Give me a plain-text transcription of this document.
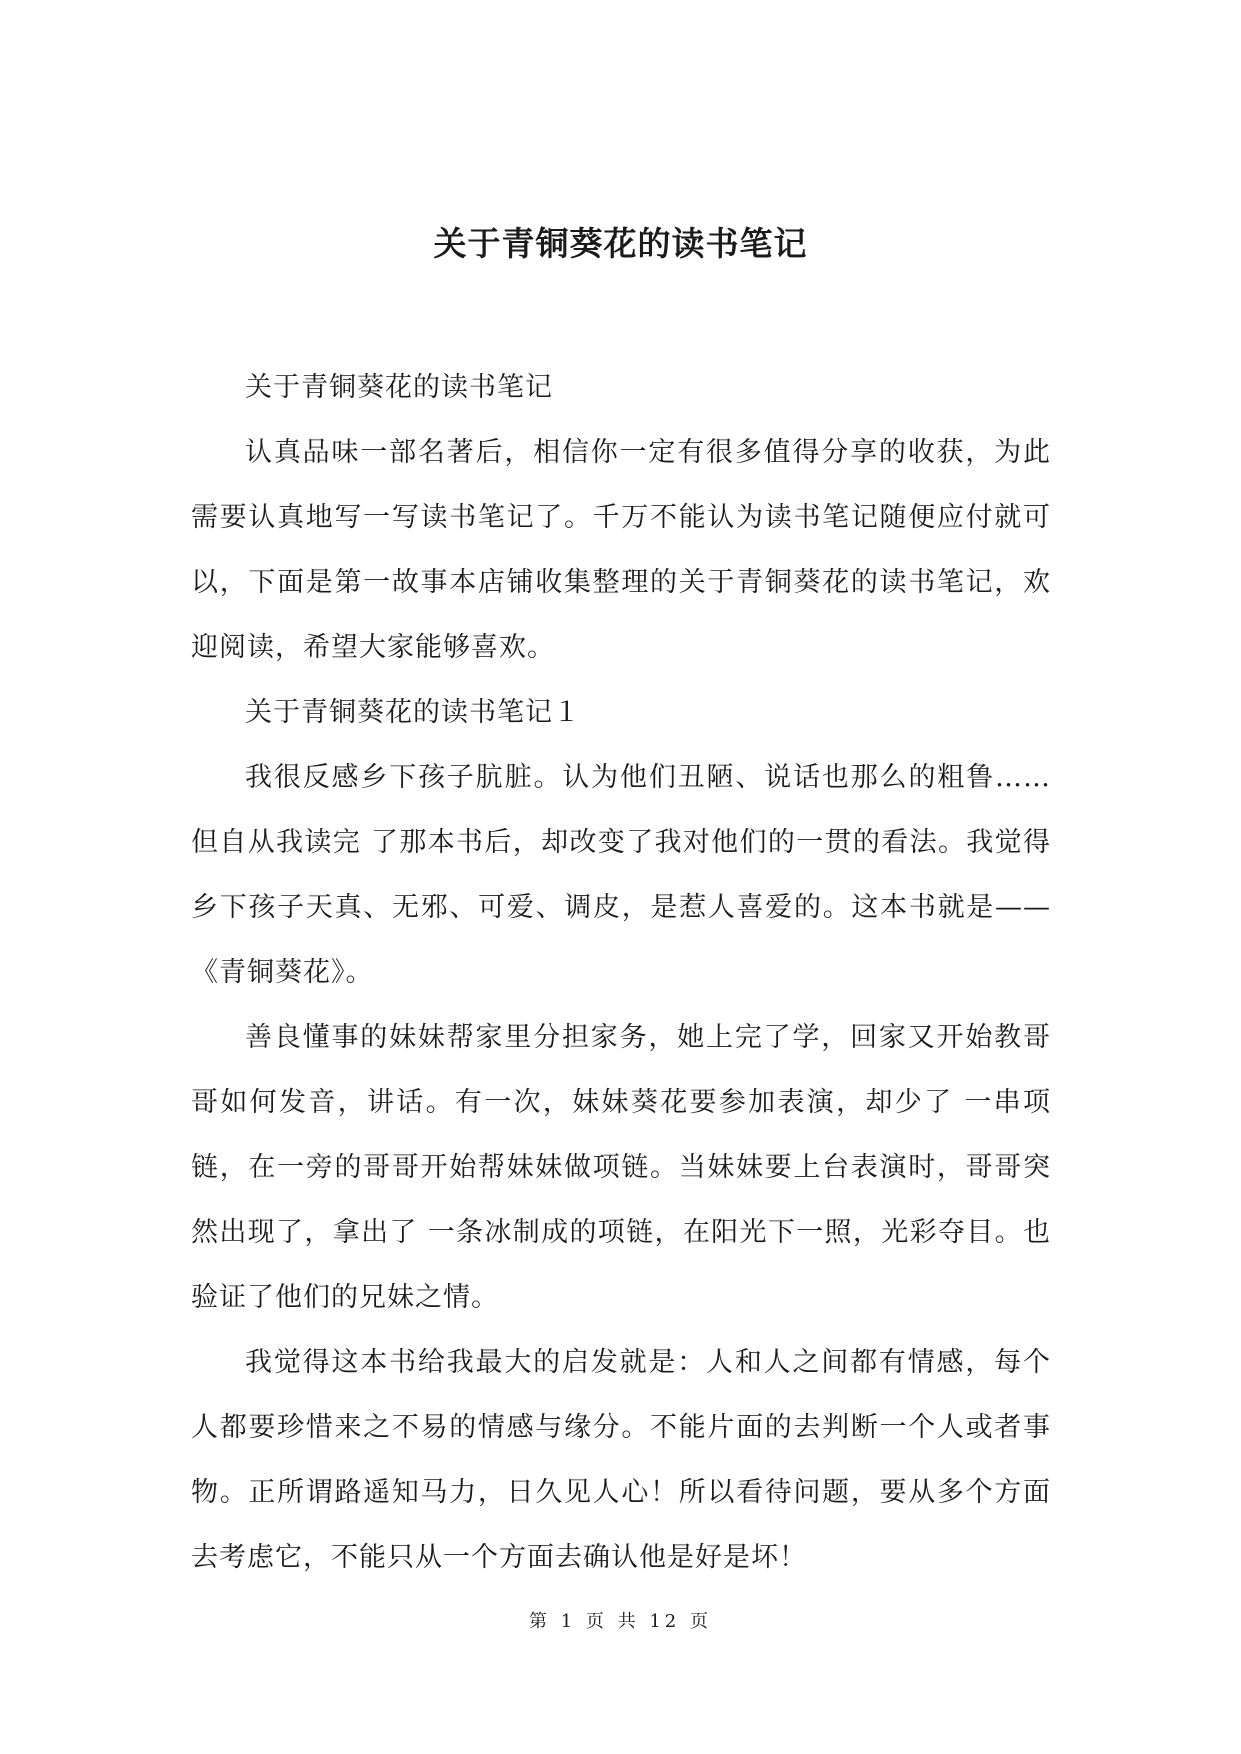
关于青铜葵花的读书笔记

关于青铜葵花的读书笔记

认真品味一部名著后，相信你一定有很多值得分享的收获，为此需要认真地写一写读书笔记了。千万不能认为读书笔记随便应付就可以，下面是第一故事本店铺收集整理的关于青铜葵花的读书笔记，欢迎阅读，希望大家能够喜欢。

关于青铜葵花的读书笔记１

我很反感乡下孩子肮脏。认为他们丑陋、说话也那么的粗鲁……但自从我读完 了那本书后，却改变了我对他们的一贯的看法。我觉得乡下孩子天真、无邪、可爱、调皮，是惹人喜爱的。这本书就是——《青铜葵花》。

善良懂事的妹妹帮家里分担家务，她上完了学，回家又开始教哥哥如何发音，讲话。有一次，妹妹葵花要参加表演，却少了 一串项链，在一旁的哥哥开始帮妹妹做项链。当妹妹要上台表演时，哥哥突然出现了，拿出了 一条冰制成的项链，在阳光下一照，光彩夺目。也验证了他们的兄妹之情。

我觉得这本书给我最大的启发就是：人和人之间都有情感，每个人都要珍惜来之不易的情感与缘分。不能片面的去判断一个人或者事物。正所谓路遥知马力，日久见人心！所以看待问题，要从多个方面去考虑它，不能只从一个方面去确认他是好是坏！

第 1 页 共 12 页
